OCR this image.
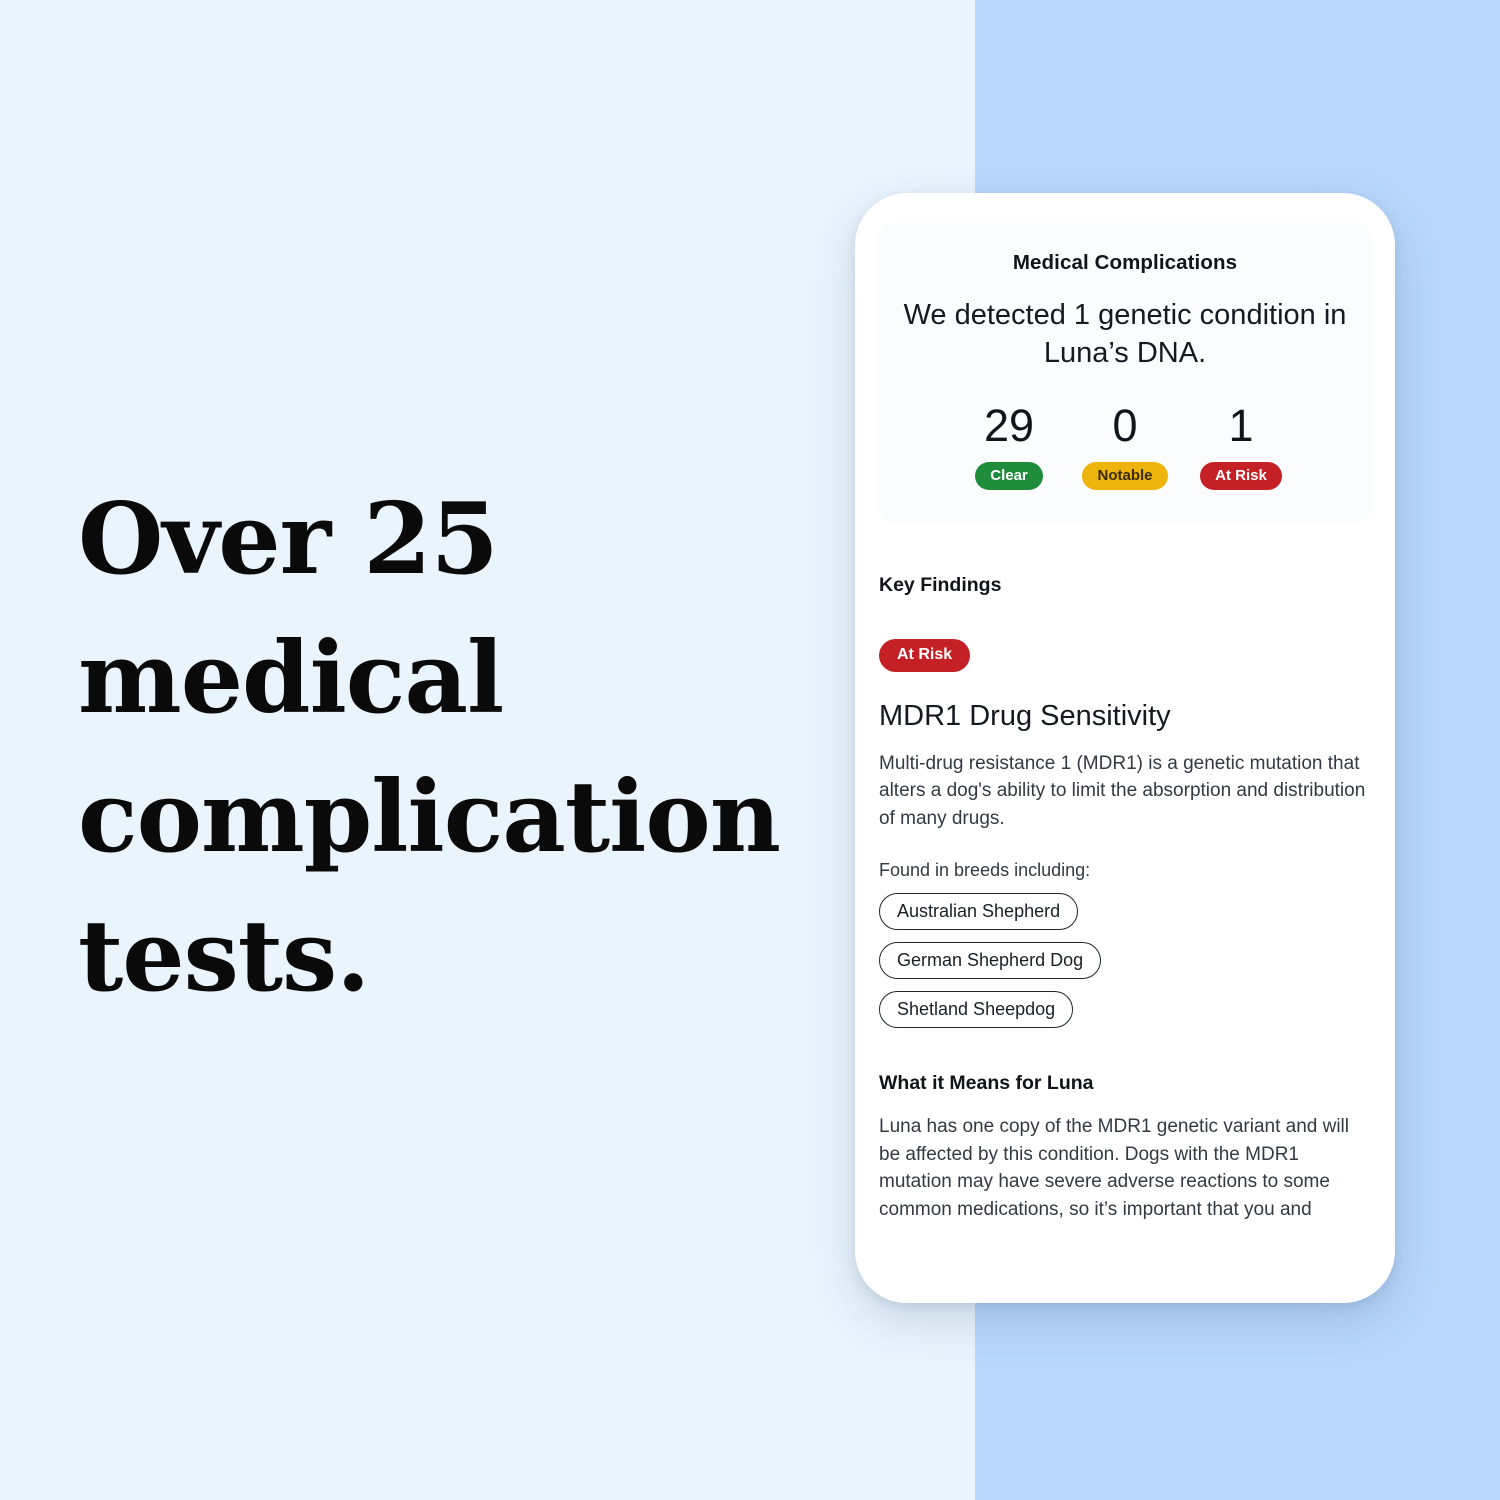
Over 25
medical
complication
tests.
Medical Complications
We detected 1 genetic condition in Luna’s DNA.
29
Clear
0
Notable
1
At Risk
Key Findings
At Risk
MDR1 Drug Sensitivity
Multi-drug resistance 1 (MDR1) is a genetic mutation that alters a dog's ability to limit the absorption and distribution of many drugs.
Found in breeds including:
Australian Shepherd
German Shepherd Dog
Shetland Sheepdog
What it Means for Luna
Luna has one copy of the MDR1 genetic variant and will be affected by this condition. Dogs with the MDR1 mutation may have severe adverse reactions to some common medications, so it’s important that you and
